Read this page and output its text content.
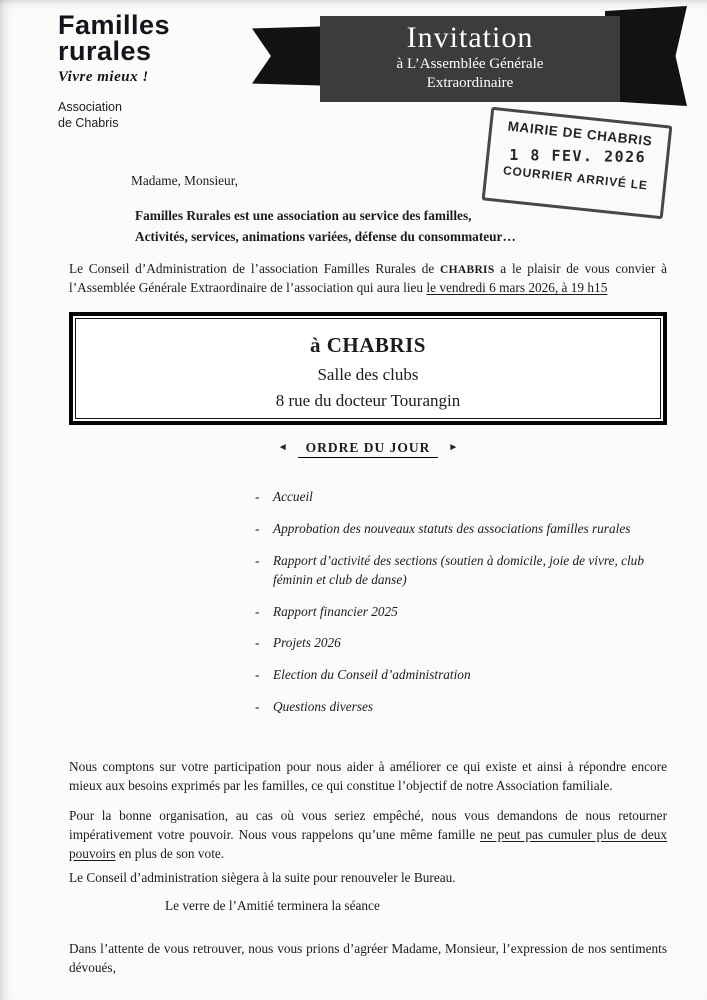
Familles
rurales
Vivre mieux !
Association
de Chabris
Invitation
à L’Assemblée Générale
Extraordinaire
MAIRIE DE CHABRIS
1 8 FEV. 2026
COURRIER ARRIVÉ LE
Madame, Monsieur,
Familles Rurales est une association au service des familles,
Activités, services, animations variées, défense du consommateur…

Le Conseil d’Administration de l’association Familles Rurales de CHABRIS a le plaisir de vous convier à l’Assemblée Générale Extraordinaire de l’association qui aura lieu le vendredi 6 mars 2026, à 19 h15

à CHABRIS
Salle des clubs
8 rue du docteur Tourangin
◄ ORDRE DU JOUR ►
-	Accueil
-	Approbation des nouveaux statuts des associations familles rurales
-	Rapport d’activité des sections (soutien à domicile, joie de vivre, club féminin et club de danse)
-	Rapport financier 2025
-	Projets 2026
-	Election du Conseil d’administration
-	Questions diverses

Nous comptons sur votre participation pour nous aider à améliorer ce qui existe et ainsi à répondre encore mieux aux besoins exprimés par les familles, ce qui constitue l’objectif de notre Association familiale.

Pour la bonne organisation, au cas où vous seriez empêché, nous vous demandons de nous retourner impérativement votre pouvoir. Nous vous rappelons qu’une même famille ne peut pas cumuler plus de deux pouvoirs en plus de son vote.

Le Conseil d’administration siègera à la suite pour renouveler le Bureau.

Le verre de l’Amitié terminera la séance

Dans l’attente de vous retrouver, nous vous prions d’agréer Madame, Monsieur, l’expression de nos sentiments dévoués,
